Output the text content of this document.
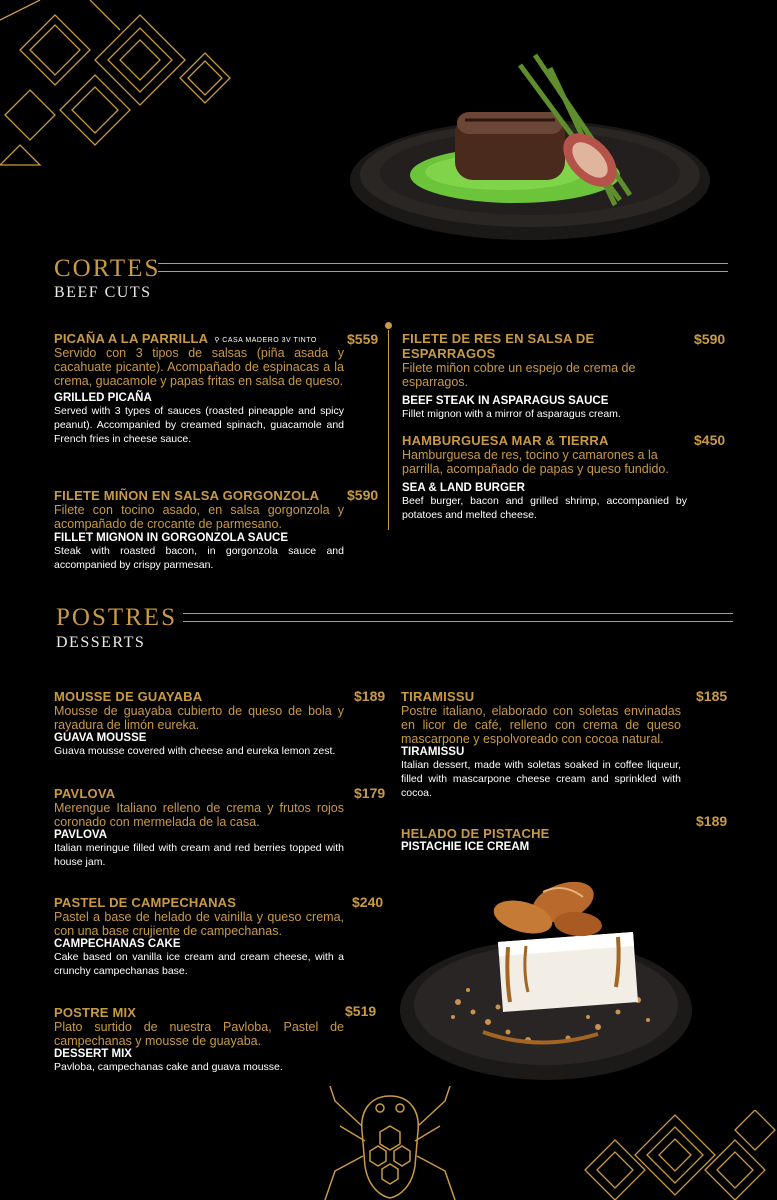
CORTES
BEEF CUTS
PICAÑA A LA PARRILLA ⚲ CASA MADERO 3V TINTO
Servido con 3 tipos de salsas (piña asada y cacahuate picante). Acompañado de espinacas a la crema, guacamole y papas fritas en salsa de queso.
GRILLED PICAÑA
Served with 3 types of sauces (roasted pineapple and spicy peanut). Accompanied by creamed spinach, guacamole and French fries in cheese sauce.
$559
FILETE MIÑON EN SALSA GORGONZOLA
Filete con tocino asado, en salsa gorgonzola y acompañado de crocante de parmesano.
FILLET MIGNON IN GORGONZOLA SAUCE
Steak with roasted bacon, in gorgonzola sauce and accompanied by crispy parmesan.
$590
FILETE DE RES EN SALSA DE ESPARRAGOS
Filete miñon cobre un espejo de crema de esparragos.
BEEF STEAK IN ASPARAGUS SAUCE
Fillet mignon with a mirror of asparagus cream.
$590
HAMBURGUESA MAR & TIERRA
Hamburguesa de res, tocino y camarones a la parrilla, acompañado de papas y queso fundido.
SEA & LAND BURGER
Beef burger, bacon and grilled shrimp, accompanied by potatoes and melted cheese.
$450
POSTRES
DESSERTS
MOUSSE DE GUAYABA
Mousse de guayaba cubierto de queso de bola y rayadura de limón eureka.
GUAVA MOUSSE
Guava mousse covered with cheese and eureka lemon zest.
$189
PAVLOVA
Merengue Italiano relleno de crema y frutos rojos coronado con mermelada de la casa.
PAVLOVA
Italian meringue filled with cream and red berries topped with house jam.
$179
PASTEL DE CAMPECHANAS
Pastel a base de helado de vainilla y queso crema, con una base crujiente de campechanas.
CAMPECHANAS CAKE
Cake based on vanilla ice cream and cream cheese, with a crunchy campechanas base.
$240
POSTRE MIX
Plato surtido de nuestra Pavloba, Pastel de campechanas y mousse de guayaba.
DESSERT MIX
Pavloba, campechanas cake and guava mousse.
$519
TIRAMISSU
Postre italiano, elaborado con soletas envinadas en licor de café, relleno con crema de queso mascarpone y espolvoreado con cocoa natural.
TIRAMISSU
Italian dessert, made with soletas soaked in coffee liqueur, filled with mascarpone cheese cream and sprinkled with cocoa.
$185
HELADO DE PISTACHE
PISTACHIE ICE CREAM
$189
